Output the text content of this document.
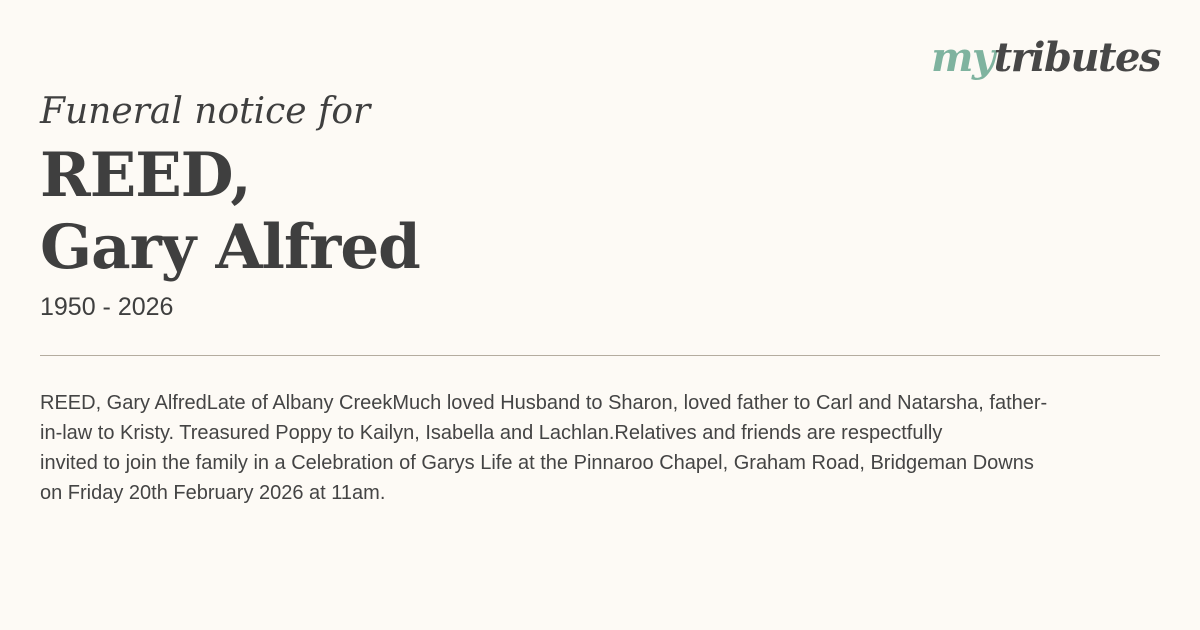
mytributes
Funeral notice for
REED,
Gary Alfred
1950 - 2026
REED, Gary AlfredLate of Albany CreekMuch loved Husband to Sharon, loved father to Carl and Natarsha, father-
in-law to Kristy. Treasured Poppy to Kailyn, Isabella and Lachlan.Relatives and friends are respectfully
invited to join the family in a Celebration of Garys Life at the Pinnaroo Chapel, Graham Road, Bridgeman Downs
on Friday 20th February 2026 at 11am.
